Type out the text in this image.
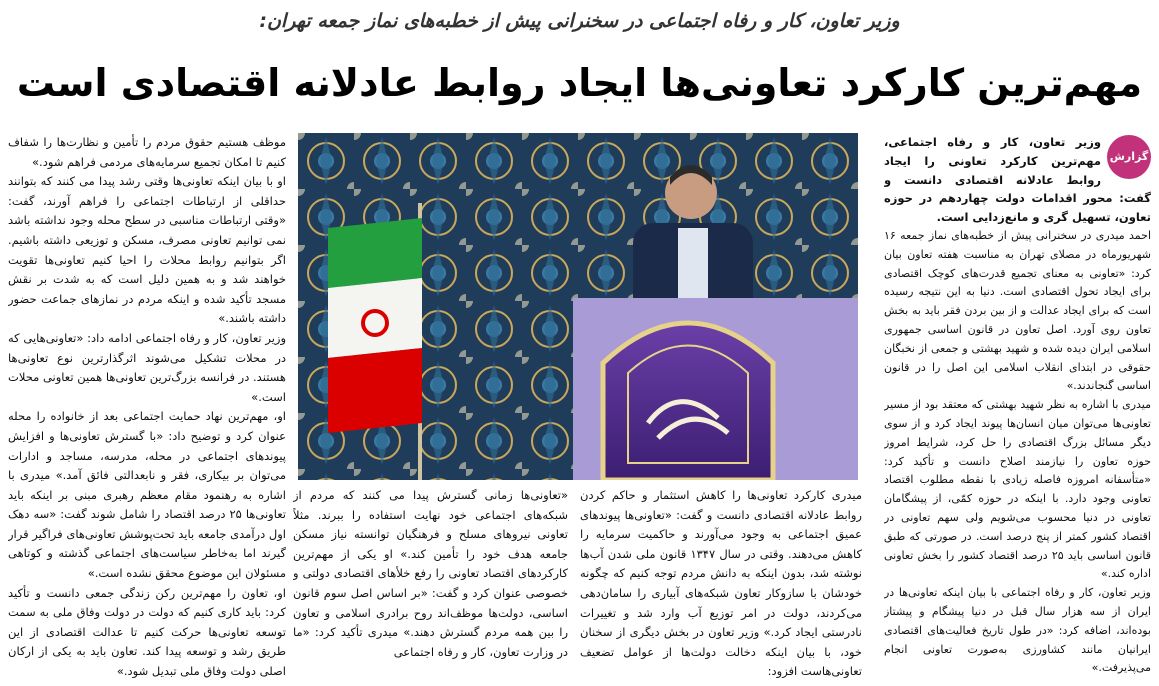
وزیر تعاون، کار و رفاه اجتماعی در سخنرانی پیش از خطبه‌های نماز جمعه تهران:
مهم‌ترین کارکرد تعاونی‌ها ایجاد روابط عادلانه اقتصادی است
گزارش

وزیر تعاون، کار و رفاه اجتماعی، مهم‌ترین کارکرد تعاونی را ایجاد روابط عادلانه اقتصادی دانست و گفت: محور اقدامات دولت چهاردهم در حوزه تعاون، تسهیل گری و مانع‌زدایی است.

احمد میدری در سخنرانی پیش از خطبه‌های نماز جمعه ۱۶ شهریورماه در مصلای تهران به مناسبت هفته تعاون بیان کرد: «تعاونی به معنای تجمیع قدرت‌های کوچک اقتصادی برای ایجاد تحول اقتصادی است. دنیا به این نتیجه رسیده است که برای ایجاد عدالت و از بین بردن فقر باید به بخش تعاون روی آورد. اصل تعاون در قانون اساسی جمهوری اسلامی ایران دیده شده و شهید بهشتی و جمعی از نخبگان حقوقی در ابتدای انقلاب اسلامی این اصل را در قانون اساسی گنجاندند.»

میدری با اشاره به نظر شهید بهشتی که معتقد بود از مسیر تعاونی‌ها می‌توان میان انسان‌ها پیوند ایجاد کرد و از سوی دیگر مسائل بزرگ اقتصادی را حل کرد، شرایط امروز حوزه تعاون را نیازمند اصلاح دانست و تأکید کرد: «متأسفانه امروزه فاصله زیادی با نقطه مطلوب اقتصاد تعاونی وجود دارد. با اینکه در حوزه کمّی، از پیشگامان تعاونی در دنیا محسوب می‌شویم ولی سهم تعاونی در اقتصاد کشور کمتر از پنج درصد است. در صورتی که طبق قانون اساسی باید ۲۵ درصد اقتصاد کشور را بخش تعاونی اداره کند.»

وزیر تعاون، کار و رفاه اجتماعی با بیان اینکه تعاونی‌ها در ایران از سه هزار سال قبل در دنیا پیشگام و پیشتاز بوده‌اند، اضافه کرد: «در طول تاریخ فعالیت‌های اقتصادی ایرانیان مانند کشاورزی به‌صورت تعاونی انجام می‌پذیرفت.»

میدری کارکرد تعاونی‌ها را کاهش استثمار و حاکم کردن روابط عادلانه اقتصادی دانست و گفت: «تعاونی‌ها پیوندهای عمیق اجتماعی به وجود می‌آورند و حاکمیت سرمایه را کاهش می‌دهند. وقتی در سال ۱۳۴۷ قانون ملی شدن آب‌ها نوشته شد، بدون اینکه به دانش مردم توجه کنیم که چگونه خودشان با سازوکار تعاون شبکه‌های آبیاری را سامان‌دهی می‌کردند، دولت در امر توزیع آب وارد شد و تغییرات نادرستی ایجاد کرد.» وزیر تعاون در بخش دیگری از سخنان خود، با بیان اینکه دخالت دولت‌ها از عوامل تضعیف تعاونی‌هاست افزود:

«تعاونی‌ها زمانی گسترش پیدا می کنند که مردم از شبکه‌های اجتماعی خود نهایت استفاده را ببرند. مثلاً تعاونی نیروهای مسلح و فرهنگیان توانسته نیاز مسکن جامعه هدف خود را تأمین کند.» او یکی از مهم‌ترین کارکردهای اقتصاد تعاونی را رفع خلأهای اقتصادی دولتی و خصوصی عنوان کرد و گفت: «بر اساس اصل سوم قانون اساسی، دولت‌ها موظف‌اند روح برادری اسلامی و تعاون را بین همه مردم گسترش دهند.» میدری تأکید کرد: «ما در وزارت تعاون، کار و رفاه اجتماعی

موظف هستیم حقوق مردم را تأمین و نظارت‌ها را شفاف کنیم تا امکان تجمیع سرمایه‌های مردمی فراهم شود.»

او با بیان اینکه تعاونی‌ها وقتی رشد پیدا می کنند که بتوانند حداقلی از ارتباطات اجتماعی را فراهم آورند، گفت: «وقتی ارتباطات مناسبی در سطح محله وجود نداشته باشد نمی توانیم تعاونی مصرف، مسکن و توزیعی داشته باشیم. اگر بتوانیم روابط محلات را احیا کنیم تعاونی‌ها تقویت خواهند شد و به همین دلیل است که به شدت بر نقش مسجد تأکید شده و اینکه مردم در نمازهای جماعت حضور داشته باشند.»

وزیر تعاون، کار و رفاه اجتماعی ادامه داد: «تعاونی‌هایی که در محلات تشکیل می‌شوند اثرگذارترین نوع تعاونی‌ها هستند. در فرانسه بزرگ‌ترین تعاونی‌ها همین تعاونی محلات است.»

او، مهم‌ترین نهاد حمایت اجتماعی بعد از خانواده را محله عنوان کرد و توضیح داد: «با گسترش تعاونی‌ها و افزایش پیوندهای اجتماعی در محله، مدرسه، مساجد و ادارات می‌توان بر بیکاری، فقر و نابعدالتی فائق آمد.» میدری با اشاره به رهنمود مقام معظم رهبری مبنی بر اینکه باید تعاونی‌ها ۲۵ درصد اقتصاد را شامل شوند گفت: «سه دهک اول درآمدی جامعه باید تحت‌پوشش تعاونی‌های فراگیر قرار گیرند اما به‌خاطر سیاست‌های اجتماعی گذشته و کوتاهی مسئولان این موضوع محقق نشده است.»

او، تعاون را مهم‌ترین رکن زندگی جمعی دانست و تأکید کرد: باید کاری کنیم که دولت در دولت وفاق ملی به سمت توسعه تعاونی‌ها حرکت کنیم تا عدالت اقتصادی از این طریق رشد و توسعه پیدا کند. تعاون باید به یکی از ارکان اصلی دولت وفاق ملی تبدیل شود.»
